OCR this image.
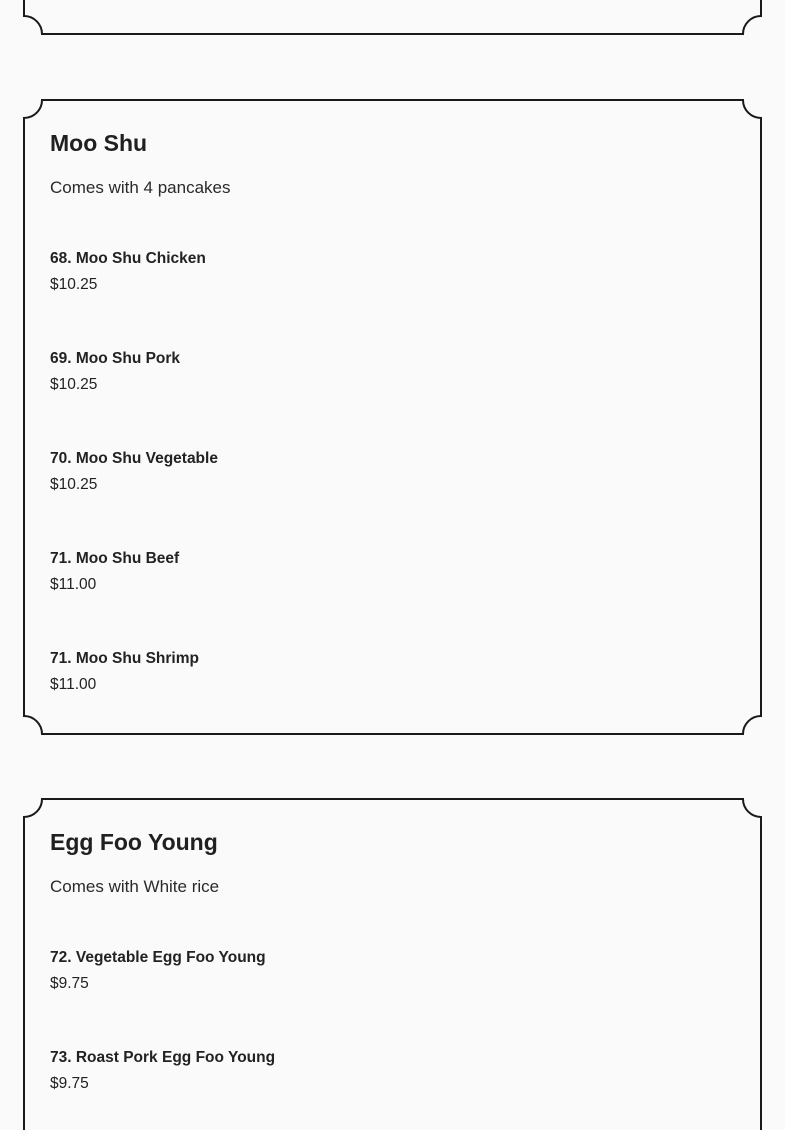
Moo Shu
Comes with 4 pancakes
68. Moo Shu Chicken
$10.25
69. Moo Shu Pork
$10.25
70. Moo Shu Vegetable
$10.25
71. Moo Shu Beef
$11.00
71. Moo Shu Shrimp
$11.00
Egg Foo Young
Comes with White rice
72. Vegetable Egg Foo Young
$9.75
73. Roast Pork Egg Foo Young
$9.75
